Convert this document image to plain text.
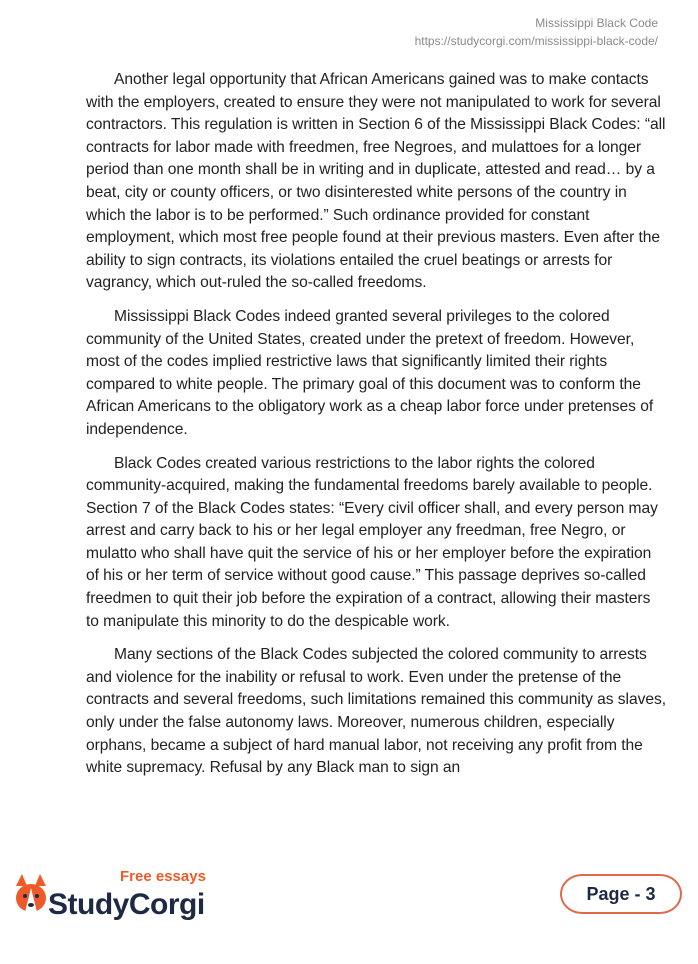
Mississippi Black Code
https://studycorgi.com/mississippi-black-code/

Another legal opportunity that African Americans gained was to make contacts with the employers, created to ensure they were not manipulated to work for several contractors. This regulation is written in Section 6 of the Mississippi Black Codes: “all contracts for labor made with freedmen, free Negroes, and mulattoes for a longer period than one month shall be in writing and in duplicate, attested and read… by a beat, city or county officers, or two disinterested white persons of the country in which the labor is to be performed.” Such ordinance provided for constant employment, which most free people found at their previous masters. Even after the ability to sign contracts, its violations entailed the cruel beatings or arrests for vagrancy, which out-ruled the so-called freedoms.

Mississippi Black Codes indeed granted several privileges to the colored community of the United States, created under the pretext of freedom. However, most of the codes implied restrictive laws that significantly limited their rights compared to white people. The primary goal of this document was to conform the African Americans to the obligatory work as a cheap labor force under pretenses of independence.

Black Codes created various restrictions to the labor rights the colored community-acquired, making the fundamental freedoms barely available to people. Section 7 of the Black Codes states: “Every civil officer shall, and every person may arrest and carry back to his or her legal employer any freedman, free Negro, or mulatto who shall have quit the service of his or her employer before the expiration of his or her term of service without good cause.” This passage deprives so-called freedmen to quit their job before the expiration of a contract, allowing their masters to manipulate this minority to do the despicable work.

Many sections of the Black Codes subjected the colored community to arrests and violence for the inability or refusal to work. Even under the pretense of the contracts and several freedoms, such limitations remained this community as slaves, only under the false autonomy laws. Moreover, numerous children, especially orphans, became a subject of hard manual labor, not receiving any profit from the white supremacy. Refusal by any Black man to sign an

Free essays
StudyCorgi	Page - 3
